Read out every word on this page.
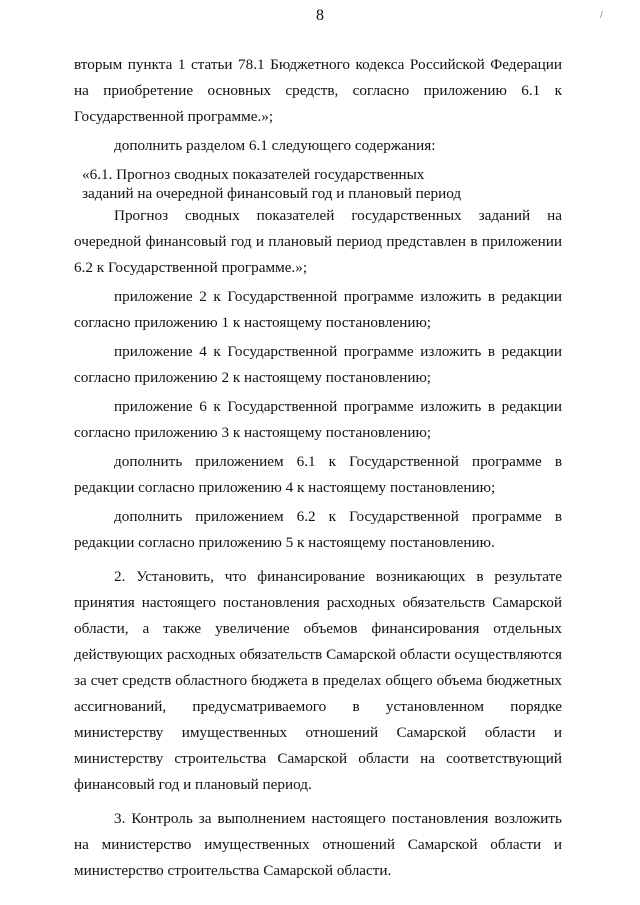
8	/

вторым пункта 1 статьи 78.1 Бюджетного кодекса Российской Федерации на приобретение основных средств, согласно приложению 6.1 к Государственной программе.»;

дополнить разделом 6.1 следующего содержания:

«6.1. Прогноз сводных показателей государственных

заданий на очередной финансовый год и плановый период

Прогноз сводных показателей государственных заданий на очередной финансовый год и плановый период представлен в приложении 6.2 к Государственной программе.»;

приложение 2 к Государственной программе изложить в редакции согласно приложению 1 к настоящему постановлению;

приложение 4 к Государственной программе изложить в редакции согласно приложению 2 к настоящему постановлению;

приложение 6 к Государственной программе изложить в редакции согласно приложению 3 к настоящему постановлению;

дополнить приложением 6.1 к Государственной программе в редакции согласно приложению 4 к настоящему постановлению;

дополнить приложением 6.2 к Государственной программе в редакции согласно приложению 5 к настоящему постановлению.

2. Установить, что финансирование возникающих в результате принятия настоящего постановления расходных обязательств Самарской области, а также увеличение объемов финансирования отдельных действующих расходных обязательств Самарской области осуществляются за счет средств областного бюджета в пределах общего объема бюджетных ассигнований, предусматриваемого в установленном порядке министерству имущественных отношений Самарской области и министерству строительства Самарской области на соответствующий финансовый год и плановый период.

3. Контроль за выполнением настоящего постановления возложить на министерство имущественных отношений Самарской области и министерство строительства Самарской области.
